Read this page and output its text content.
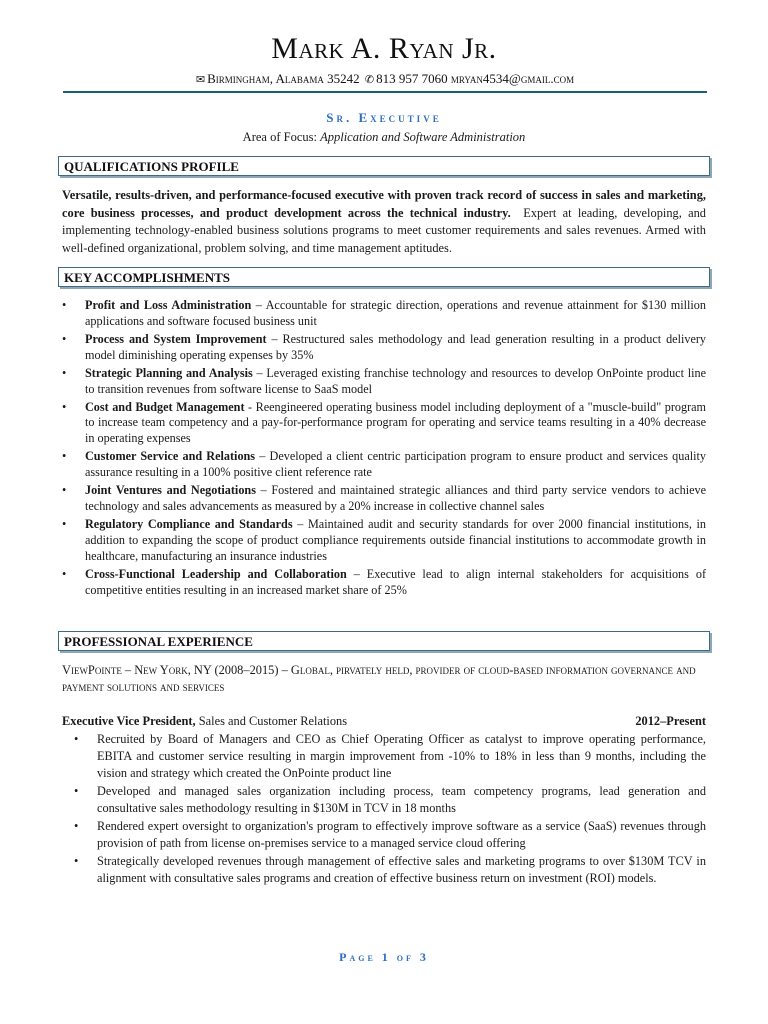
Mark A. Ryan Jr.
✉ Birmingham, Alabama 35242 ✆ 813 957 7060 mryan4534@gmail.com
Sr. Executive
Area of Focus: Application and Software Administration
QUALIFICATIONS PROFILE
Versatile, results-driven, and performance-focused executive with proven track record of success in sales and marketing, core business processes, and product development across the technical industry. Expert at leading, developing, and implementing technology-enabled business solutions programs to meet customer requirements and sales revenues. Armed with well-defined organizational, problem solving, and time management aptitudes.
KEY ACCOMPLISHMENTS
• Profit and Loss Administration – Accountable for strategic direction, operations and revenue attainment for $130 million applications and software focused business unit
• Process and System Improvement – Restructured sales methodology and lead generation resulting in a product delivery model diminishing operating expenses by 35%
• Strategic Planning and Analysis – Leveraged existing franchise technology and resources to develop OnPointe product line to transition revenues from software license to SaaS model
• Cost and Budget Management - Reengineered operating business model including deployment of a "muscle-build" program to increase team competency and a pay-for-performance program for operating and service teams resulting in a 40% decrease in operating expenses
• Customer Service and Relations – Developed a client centric participation program to ensure product and services quality assurance resulting in a 100% positive client reference rate
• Joint Ventures and Negotiations – Fostered and maintained strategic alliances and third party service vendors to achieve technology and sales advancements as measured by a 20% increase in collective channel sales
• Regulatory Compliance and Standards – Maintained audit and security standards for over 2000 financial institutions, in addition to expanding the scope of product compliance requirements outside financial institutions to accommodate growth in healthcare, manufacturing an insurance industries
• Cross-Functional Leadership and Collaboration – Executive lead to align internal stakeholders for acquisitions of competitive entities resulting in an increased market share of 25%
PROFESSIONAL EXPERIENCE
ViewPointe – New York, NY (2008–2015) – Global, pirvately held, provider of cloud-based information governance and payment solutions and services
Executive Vice President, Sales and Customer Relations	2012–Present
• Recruited by Board of Managers and CEO as Chief Operating Officer as catalyst to improve operating performance, EBITA and customer service resulting in margin improvement from -10% to 18% in less than 9 months, including the vision and strategy which created the OnPointe product line
• Developed and managed sales organization including process, team competency programs, lead generation and consultative sales methodology resulting in $130M in TCV in 18 months
• Rendered expert oversight to organization's program to effectively improve software as a service (SaaS) revenues through provision of path from license on-premises service to a managed service cloud offering
• Strategically developed revenues through management of effective sales and marketing programs to over $130M TCV in alignment with consultative sales programs and creation of effective business return on investment (ROI) models.
Page 1 of 3
